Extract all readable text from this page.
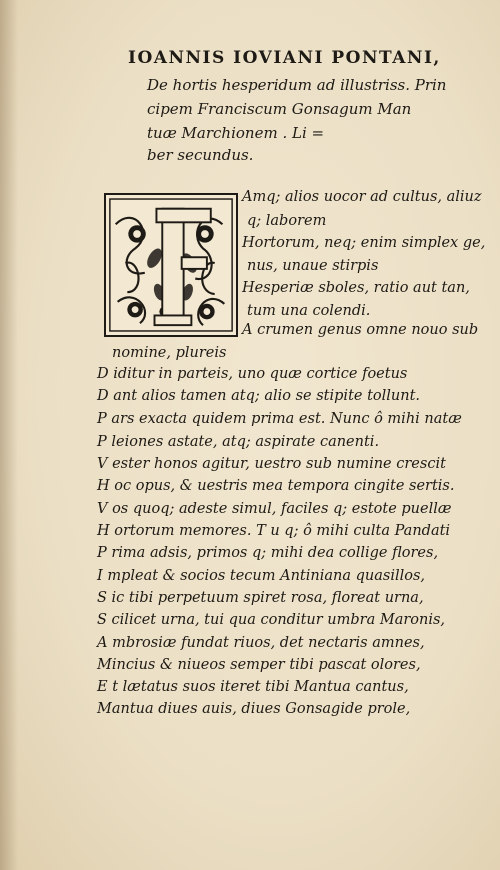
IOANNIS IOVIANI PONTANI,
De hortis hesperidum ad illustriss. Prin
cipem Franciscum Gonsagum Man
tuæ Marchionem . Li =
ber secundus.
Amq; alios uocor ad cultus, aliuz
q; laborem
Hortorum, neq; enim simplex ge,
nus, unaue stirpis
Hesperiæ sboles, ratio aut tan,
tum una colendi.
A crumen genus omne nouo sub
nomine, plureis
D iditur in parteis, uno quæ cortice foetus
D ant alios tamen atq; alio se stipite tollunt.
P ars exacta quidem prima est. Nunc ô mihi natæ
P leiones astate, atq; aspirate canenti.
V ester honos agitur, uestro sub numine crescit
H oc opus, & uestris mea tempora cingite sertis.
V os quoq; adeste simul, faciles q; estote puellæ
H ortorum memores. T u q; ô mihi culta Pandati
P rima adsis, primos q; mihi dea collige flores,
I mpleat & socios tecum Antiniana quasillos,
S ic tibi perpetuum spiret rosa, floreat urna,
S cilicet urna, tui qua conditur umbra Maronis,
A mbrosiæ fundat riuos, det nectaris amnes,
Mincius & niueos semper tibi pascat olores,
E t lætatus suos iteret tibi Mantua cantus,
Mantua diues auis, diues Gonsagide prole,
